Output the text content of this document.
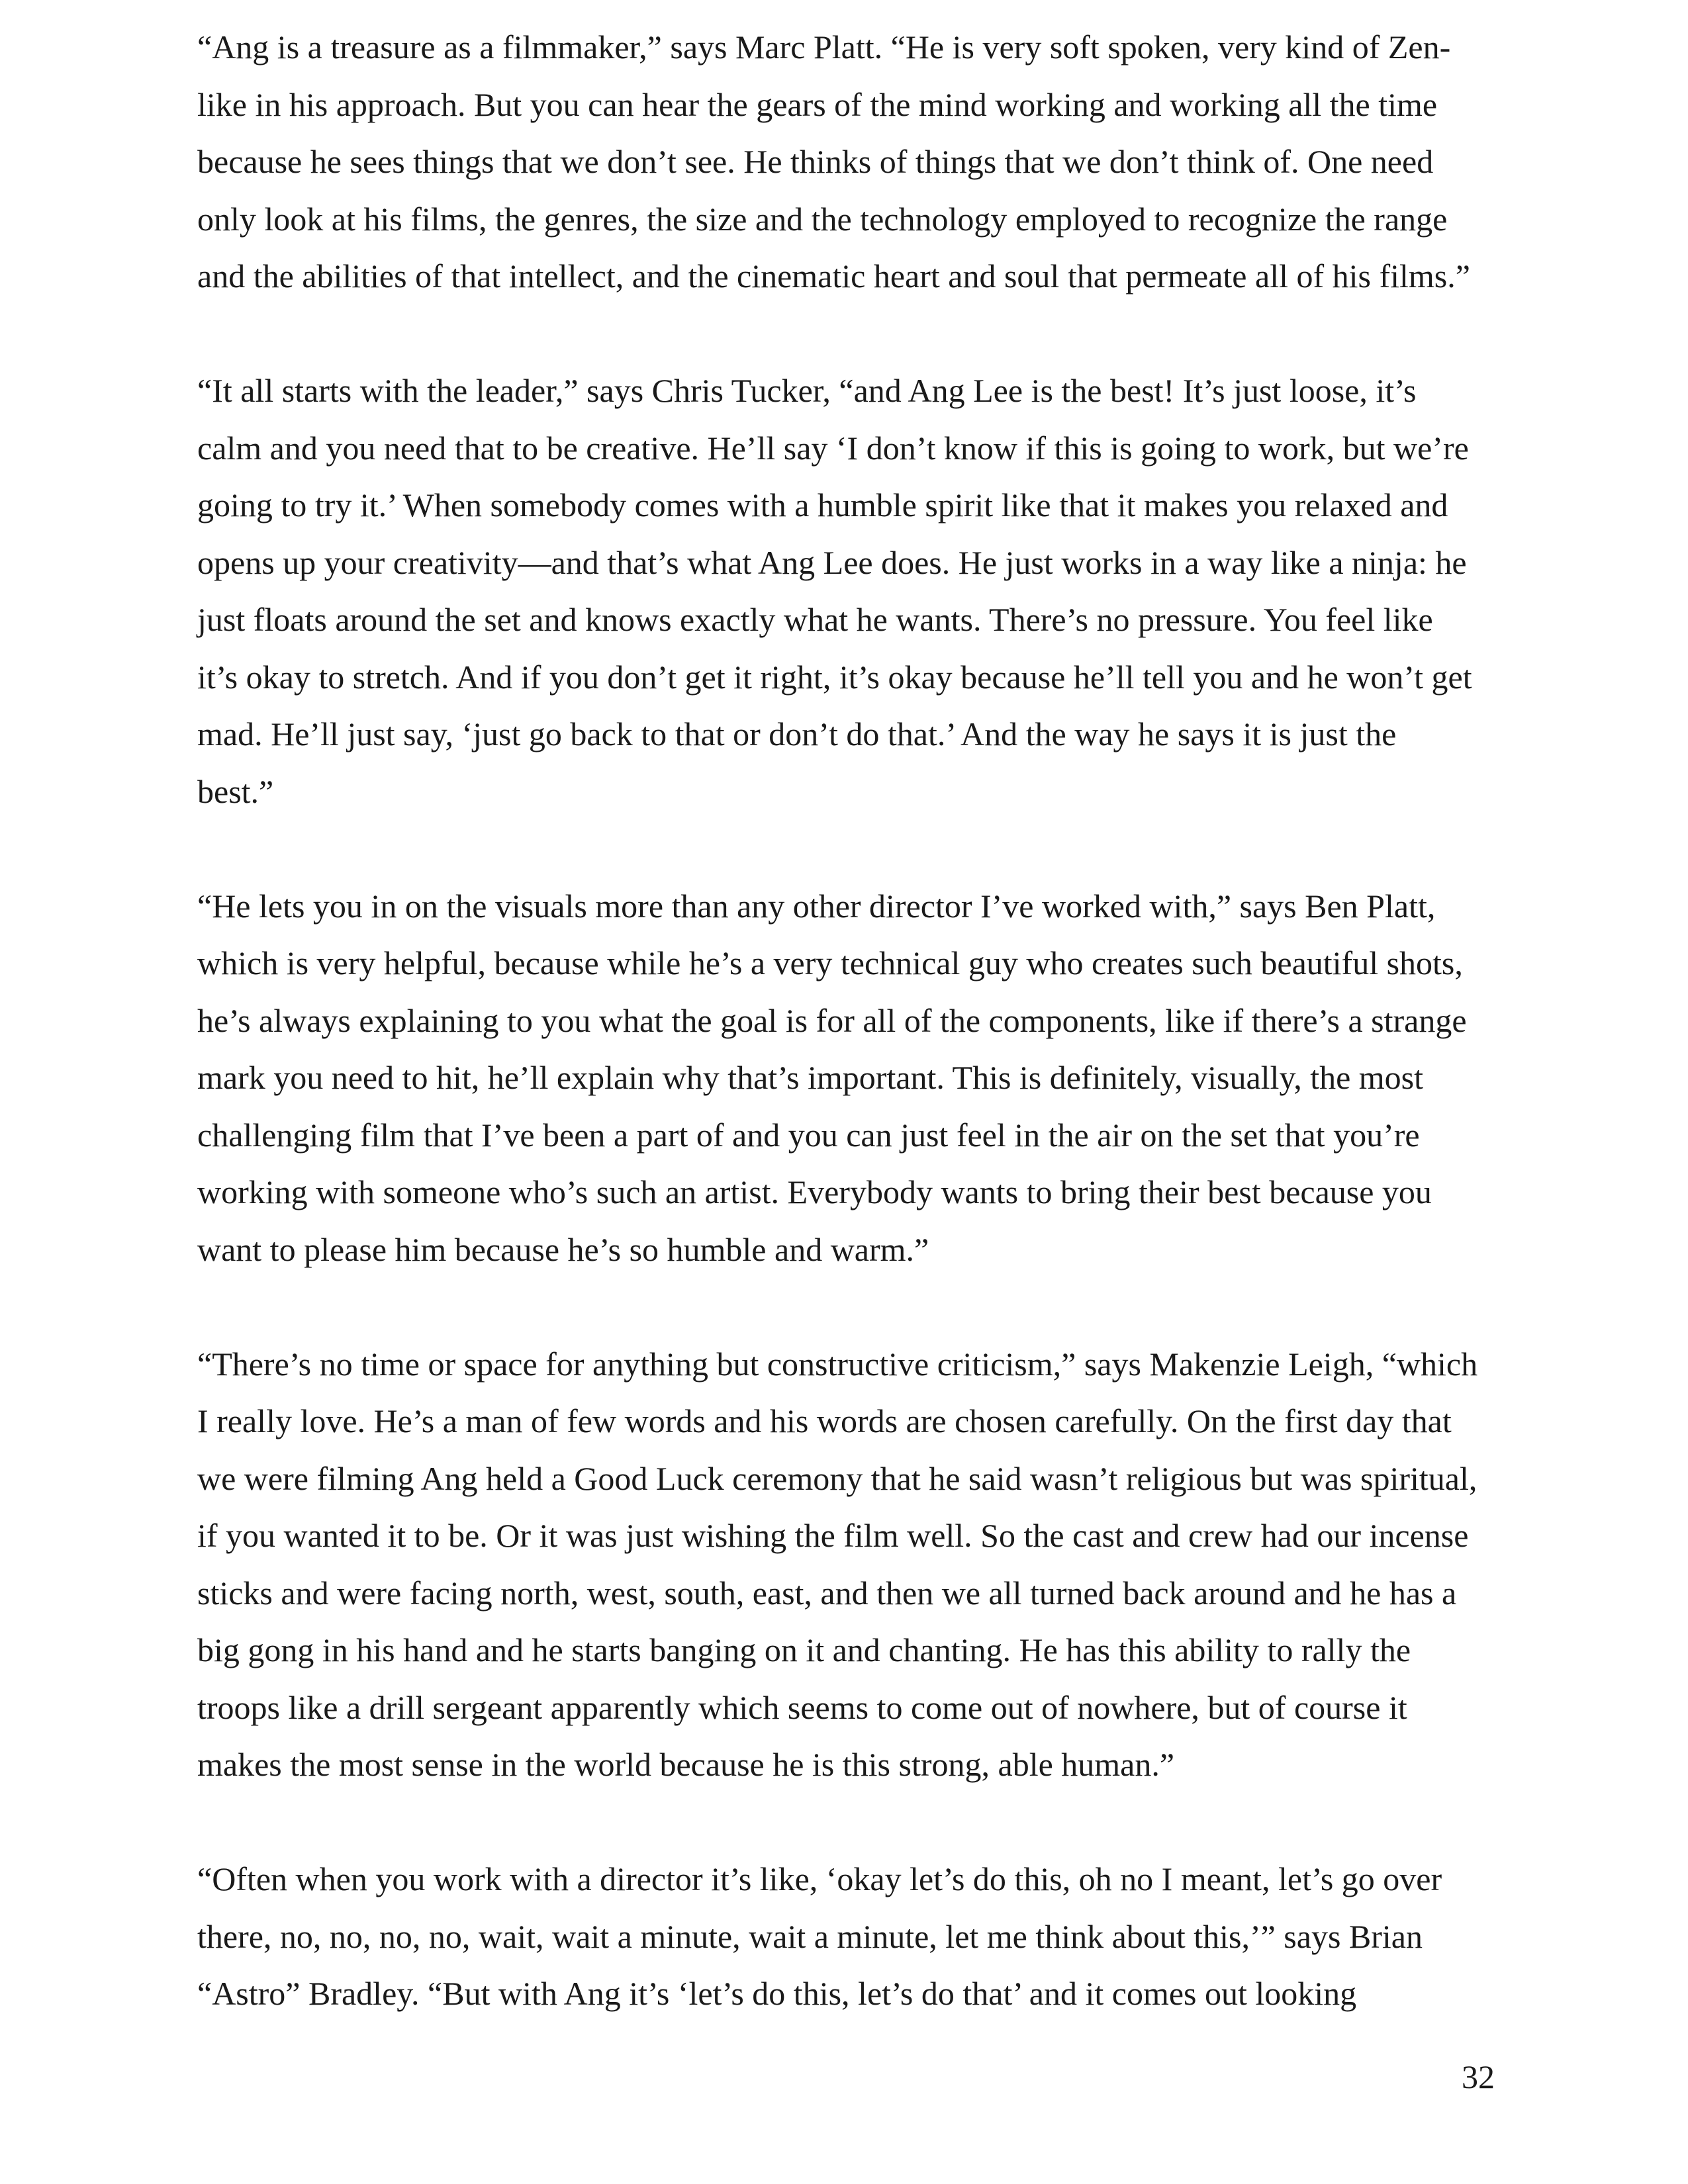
“Ang is a treasure as a filmmaker,” says Marc Platt. “He is very soft spoken, very kind of Zen-
like in his approach. But you can hear the gears of the mind working and working all the time
because he sees things that we don’t see. He thinks of things that we don’t think of. One need
only look at his films, the genres, the size and the technology employed to recognize the range
and the abilities of that intellect, and the cinematic heart and soul that permeate all of his films.”
“It all starts with the leader,” says Chris Tucker, “and Ang Lee is the best! It’s just loose, it’s
calm and you need that to be creative. He’ll say ‘I don’t know if this is going to work, but we’re
going to try it.’ When somebody comes with a humble spirit like that it makes you relaxed and
opens up your creativity—and that’s what Ang Lee does. He just works in a way like a ninja: he
just floats around the set and knows exactly what he wants. There’s no pressure. You feel like
it’s okay to stretch. And if you don’t get it right, it’s okay because he’ll tell you and he won’t get
mad. He’ll just say, ‘just go back to that or don’t do that.’ And the way he says it is just the
best.”
“He lets you in on the visuals more than any other director I’ve worked with,” says Ben Platt,
which is very helpful, because while he’s a very technical guy who creates such beautiful shots,
he’s always explaining to you what the goal is for all of the components, like if there’s a strange
mark you need to hit, he’ll explain why that’s important. This is definitely, visually, the most
challenging film that I’ve been a part of and you can just feel in the air on the set that you’re
working with someone who’s such an artist. Everybody wants to bring their best because you
want to please him because he’s so humble and warm.”
“There’s no time or space for anything but constructive criticism,” says Makenzie Leigh, “which
I really love. He’s a man of few words and his words are chosen carefully. On the first day that
we were filming Ang held a Good Luck ceremony that he said wasn’t religious but was spiritual,
if you wanted it to be. Or it was just wishing the film well. So the cast and crew had our incense
sticks and were facing north, west, south, east, and then we all turned back around and he has a
big gong in his hand and he starts banging on it and chanting. He has this ability to rally the
troops like a drill sergeant apparently which seems to come out of nowhere, but of course it
makes the most sense in the world because he is this strong, able human.”
“Often when you work with a director it’s like, ‘okay let’s do this, oh no I meant, let’s go over
there, no, no, no, no, wait, wait a minute, wait a minute, let me think about this,’” says Brian
“Astro” Bradley. “But with Ang it’s ‘let’s do this, let’s do that’ and it comes out looking
32
